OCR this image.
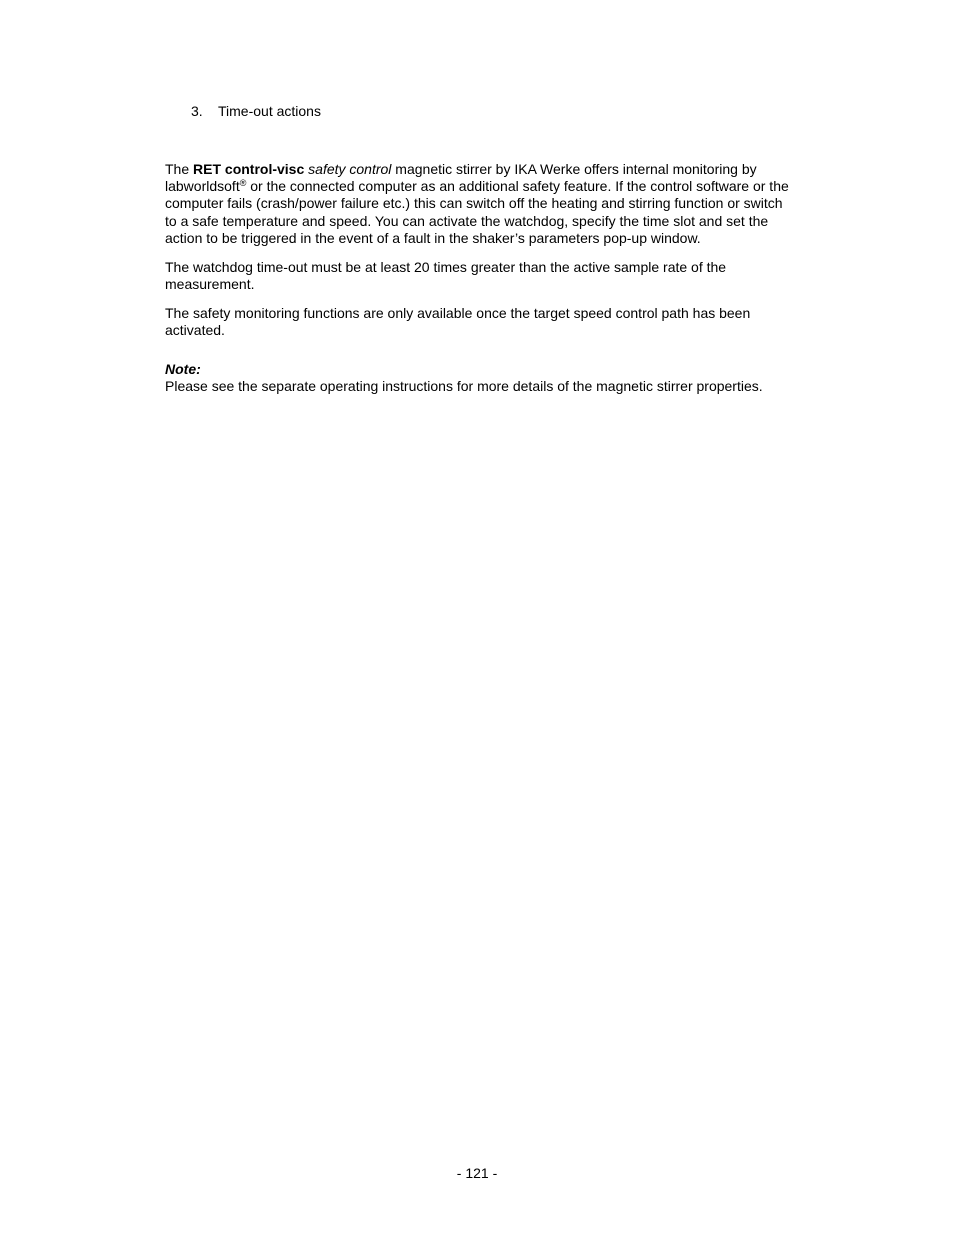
3. Time-out actions

The RET control-visc safety control magnetic stirrer by IKA Werke offers internal monitoring by labworldsoft® or the connected computer as an additional safety feature. If the control software or the computer fails (crash/power failure etc.) this can switch off the heating and stirring function or switch to a safe temperature and speed. You can activate the watchdog, specify the time slot and set the action to be triggered in the event of a fault in the shaker’s parameters pop-up window.

The watchdog time-out must be at least 20 times greater than the active sample rate of the measurement.

The safety monitoring functions are only available once the target speed control path has been activated.

Note:
Please see the separate operating instructions for more details of the magnetic stirrer properties.
- 121 -
